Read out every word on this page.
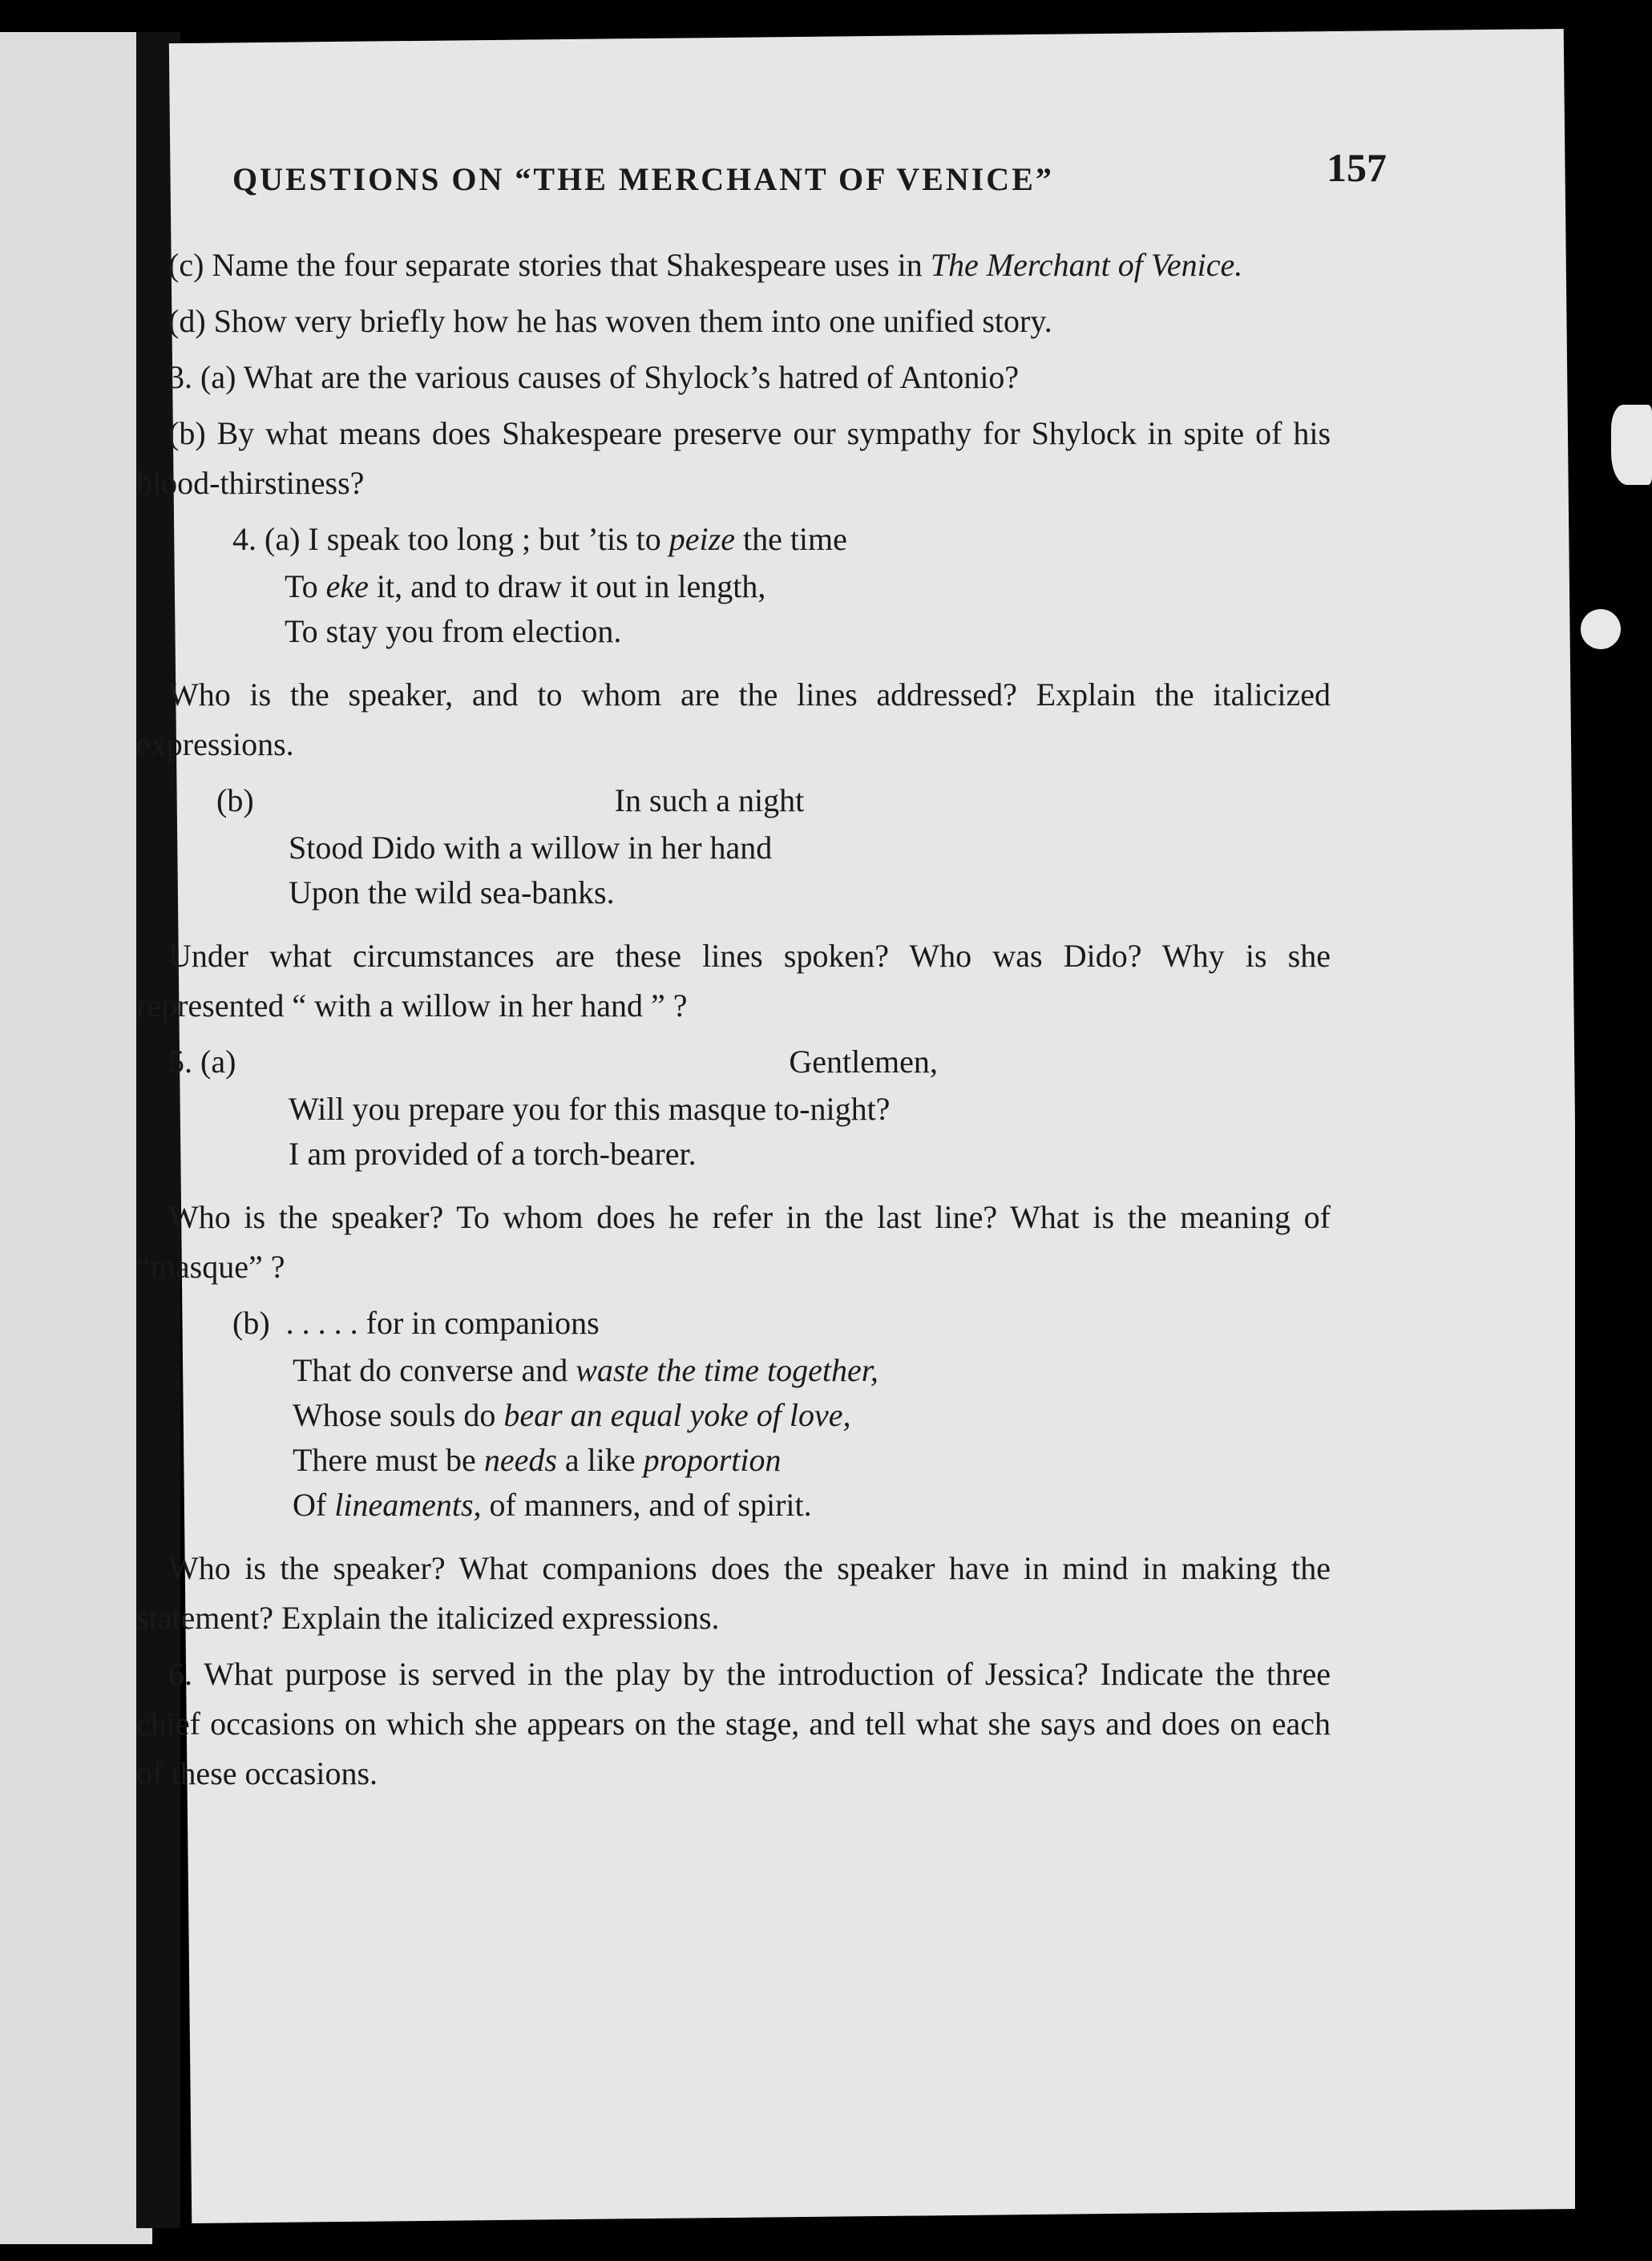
QUESTIONS ON “THE MERCHANT OF VENICE”	157

(c) Name the four separate stories that Shakespeare uses in The Merchant of Venice.

(d) Show very briefly how he has woven them into one unified story.

3. (a) What are the various causes of Shylock’s hatred of Antonio?

(b) By what means does Shakespeare preserve our sympathy for Shylock in spite of his blood-thirstiness?

4. (a) I speak too long ; but ’tis to peize the time
To eke it, and to draw it out in length,
To stay you from election.

Who is the speaker, and to whom are the lines addressed? Explain the italicized expressions.

(b)	In such a night
Stood Dido with a willow in her hand
Upon the wild sea-banks.

Under what circumstances are these lines spoken? Who was Dido? Why is she represented “ with a willow in her hand ” ?

5. (a)	Gentlemen,
Will you prepare you for this masque to-night?
I am provided of a torch-bearer.

Who is the speaker? To whom does he refer in the last line? What is the meaning of “masque” ?

(b) . . . . . for in companions
That do converse and waste the time together,
Whose souls do bear an equal yoke of love,
There must be needs a like proportion
Of lineaments, of manners, and of spirit.

Who is the speaker? What companions does the speaker have in mind in making the statement? Explain the italicized expressions.

6. What purpose is served in the play by the introduction of Jessica? Indicate the three chief occasions on which she appears on the stage, and tell what she says and does on each of these occasions.
